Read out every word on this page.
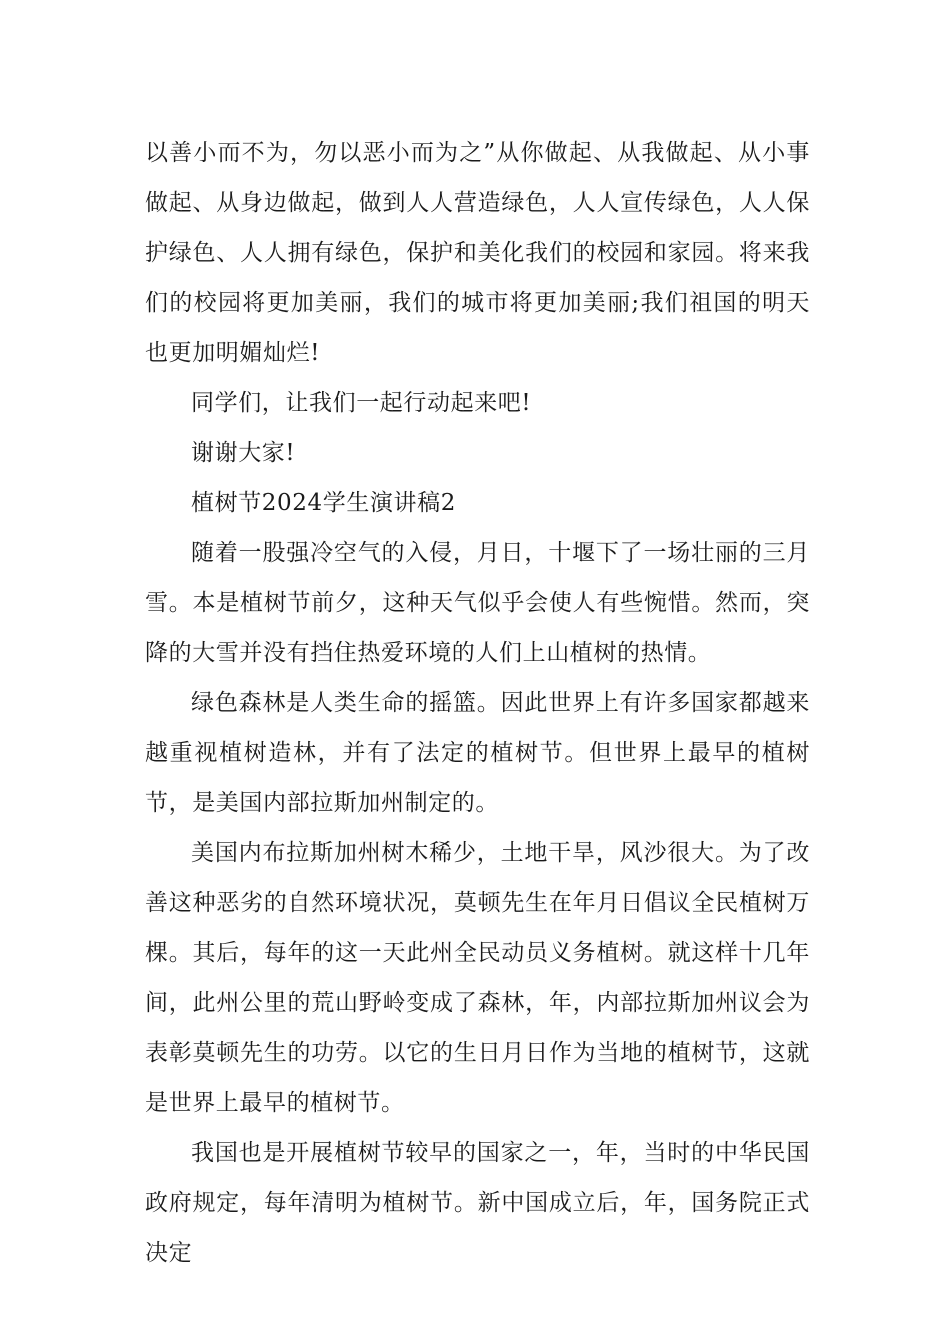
以善小而不为，勿以恶小而为之”从你做起、从我做起、从小事做起、从身边做起，做到人人营造绿色，人人宣传绿色，人人保护绿色、人人拥有绿色，保护和美化我们的校园和家园。将来我们的校园将更加美丽，我们的城市将更加美丽;我们祖国的明天也更加明媚灿烂!

同学们，让我们一起行动起来吧!

谢谢大家!

植树节2024学生演讲稿2

随着一股强冷空气的入侵，月日，十堰下了一场壮丽的三月雪。本是植树节前夕，这种天气似乎会使人有些惋惜。然而，突降的大雪并没有挡住热爱环境的人们上山植树的热情。

绿色森林是人类生命的摇篮。因此世界上有许多国家都越来越重视植树造林，并有了法定的植树节。但世界上最早的植树节，是美国内部拉斯加州制定的。

美国内布拉斯加州树木稀少，土地干旱，风沙很大。为了改善这种恶劣的自然环境状况，莫顿先生在年月日倡议全民植树万棵。其后，每年的这一天此州全民动员义务植树。就这样十几年间，此州公里的荒山野岭变成了森林，年，内部拉斯加州议会为表彰莫顿先生的功劳。以它的生日月日作为当地的植树节，这就是世界上最早的植树节。

我国也是开展植树节较早的国家之一，年，当时的中华民国政府规定，每年清明为植树节。新中国成立后，年，国务院正式决定
